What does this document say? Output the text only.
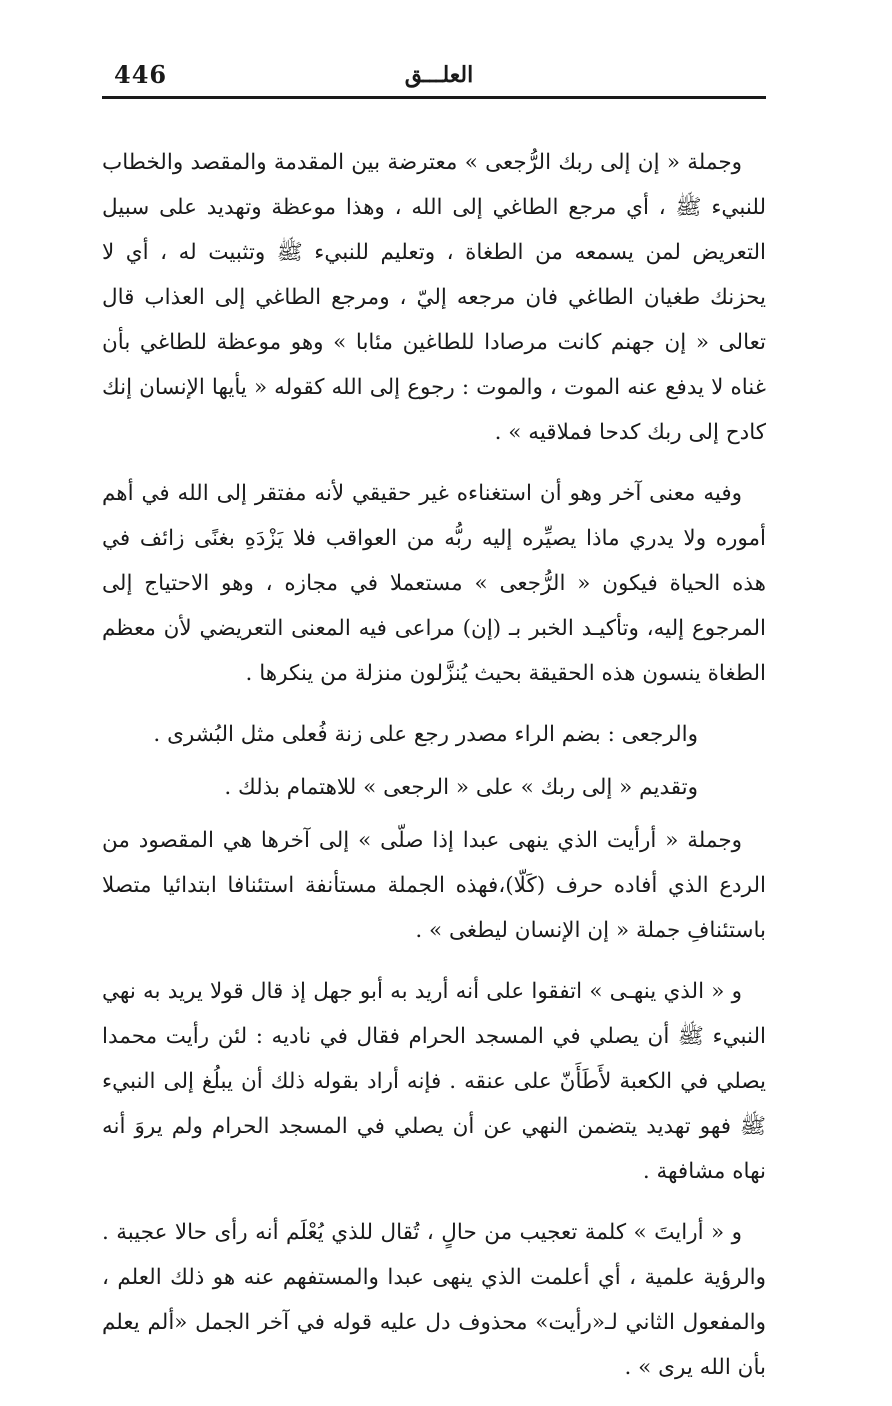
446	العلـــق

وجملة « إن إلى ربك الرُّجعى » معترضة بين المقدمة والمقصد والخطاب للنبيء ﷺ ، أي مرجع الطاغي إلى الله ، وهذا موعظة وتهديد على سبيل التعريض لمن يسمعه من الطغاة ، وتعليم للنبيء ﷺ وتثبيت له ، أي لا يحزنك طغيان الطاغي فان مرجعه إليّ ، ومرجع الطاغي إلى العذاب قال تعالى « إن جهنم كانت مرصادا للطاغين مئابا » وهو موعظة للطاغي بأن غناه لا يدفع عنه الموت ، والموت : رجوع إلى الله كقوله « يأيها الإنسان إنك كادح إلى ربك كدحا فملاقيه » .

وفيه معنى آخر وهو أن استغناءه غير حقيقي لأنه مفتقر إلى الله في أهم أموره ولا يدري ماذا يصيِّره إليه ربُّه من العواقب فلا يَزْدَهِ بغنًى زائف في هذه الحياة فيكون « الرُّجعى » مستعملا في مجازه ، وهو الاحتياج إلى المرجوع إليه، وتأكيـد الخبر بـ (إن) مراعى فيه المعنى التعريضي لأن معظم الطغاة ينسون هذه الحقيقة بحيث يُنزَّلون منزلة من ينكرها .

والرجعى : بضم الراء مصدر رجع على زنة فُعلى مثل البُشرى .

وتقديم « إلى ربك » على « الرجعى » للاهتمام بذلك .

وجملة « أرأيت الذي ينهى عبدا إذا صلّى » إلى آخرها هي المقصود من الردع الذي أفاده حرف (كَلّا)،فهذه الجملة مستأنفة استئنافا ابتدائيا متصلا باستئنافِ جملة « إن الإنسان ليطغى » .

و « الذي ينهـى » اتفقوا على أنه أريد به أبو جهل إذ قال قولا يريد به نهي النبيء ﷺ أن يصلي في المسجد الحرام فقال في ناديه : لئن رأيت محمدا يصلي في الكعبة لأَطَأَنّ على عنقه . فإنه أراد بقوله ذلك أن يبلُغ إلى النبيء ﷺ فهو تهديد يتضمن النهي عن أن يصلي في المسجد الحرام ولم يروَ أنه نهاه مشافهة .

و « أرايتَ » كلمة تعجيب من حالٍ ، تُقال للذي يُعْلَم أنه رأى حالا عجيبة . والرؤية علمية ، أي أعلمت الذي ينهى عبدا والمستفهم عنه هو ذلك العلم ، والمفعول الثاني لـ«رأيت» محذوف دل عليه قوله في آخر الجمل «ألم يعلم بأن الله يرى » .
